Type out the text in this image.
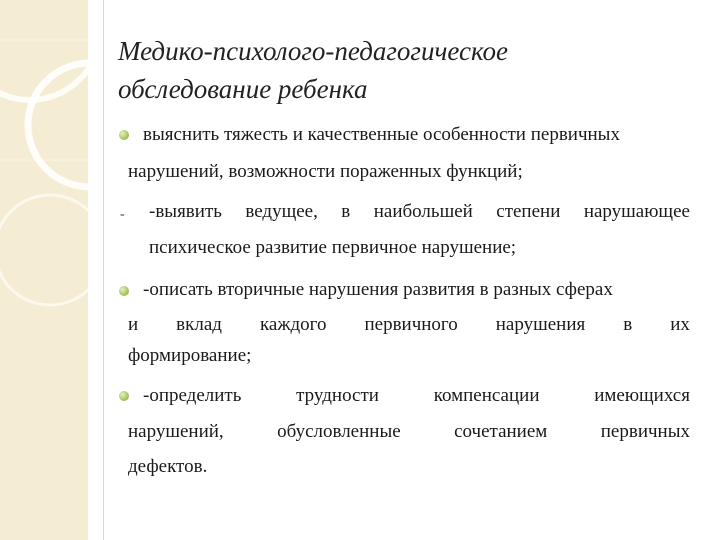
Медико-психолого-педагогическое
обследование ребенка
выяснить тяжесть и качественные особенности первичных
нарушений, возможности пораженных функций;
- -выявить ведущее, в наибольшей степени нарушающее
психическое развитие первичное нарушение;
-описать вторичные нарушения развития в разных сферах
и вклад каждого первичного нарушения в их
формирование;
-определить	трудности	компенсации	имеющихся
нарушений,	обусловленные	сочетанием	первичных
дефектов.
